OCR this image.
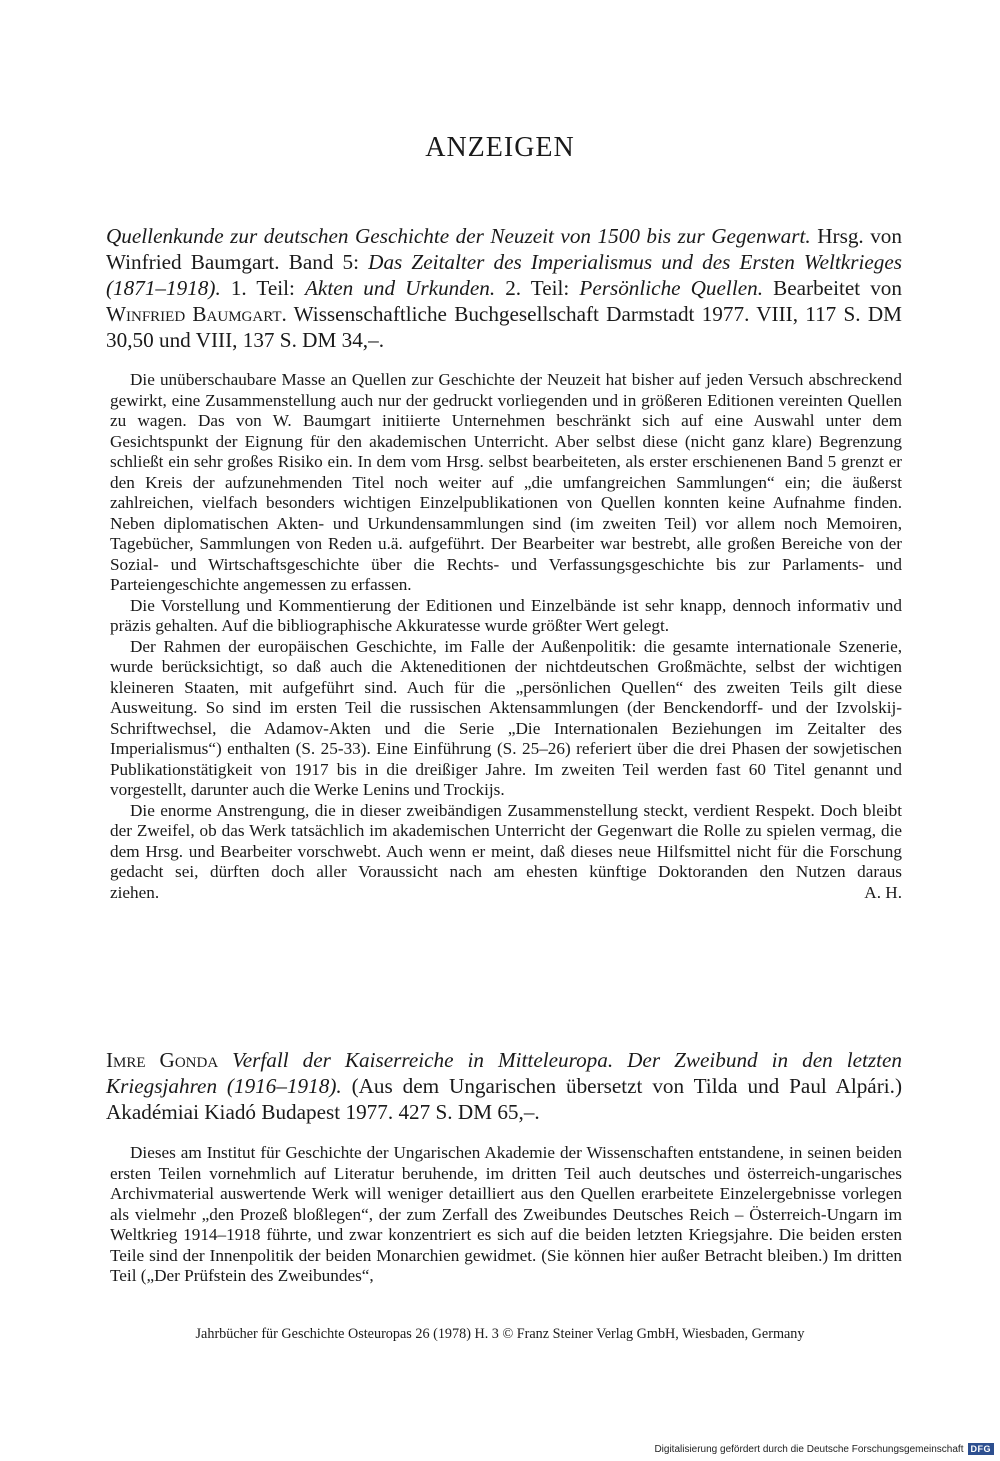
ANZEIGEN
Quellenkunde zur deutschen Geschichte der Neuzeit von 1500 bis zur Gegenwart. Hrsg. von Winfried Baumgart. Band 5: Das Zeitalter des Imperialismus und des Ersten Weltkrieges (1871–1918). 1. Teil: Akten und Urkunden. 2. Teil: Persönliche Quellen. Bearbeitet von Winfried Baumgart. Wissenschaftliche Buchgesellschaft Darmstadt 1977. VIII, 117 S. DM 30,50 und VIII, 137 S. DM 34,–.

Die unüberschaubare Masse an Quellen zur Geschichte der Neuzeit hat bisher auf jeden Versuch abschreckend gewirkt, eine Zusammenstellung auch nur der gedruckt vorliegenden und in größeren Editionen vereinten Quellen zu wagen. Das von W. Baumgart initiierte Unternehmen beschränkt sich auf eine Auswahl unter dem Gesichtspunkt der Eignung für den akademischen Unterricht. Aber selbst diese (nicht ganz klare) Begrenzung schließt ein sehr großes Risiko ein. In dem vom Hrsg. selbst bearbeiteten, als erster erschienenen Band 5 grenzt er den Kreis der aufzunehmenden Titel noch weiter auf „die umfangreichen Sammlungen“ ein; die äußerst zahlreichen, vielfach besonders wichtigen Einzelpublikationen von Quellen konnten keine Aufnahme finden. Neben diplomatischen Akten- und Urkundensammlungen sind (im zweiten Teil) vor allem noch Memoiren, Tagebücher, Sammlungen von Reden u.ä. aufgeführt. Der Bearbeiter war bestrebt, alle großen Bereiche von der Sozial- und Wirtschaftsgeschichte über die Rechts- und Verfassungsgeschichte bis zur Parlaments- und Parteiengeschichte angemessen zu erfassen.

Die Vorstellung und Kommentierung der Editionen und Einzelbände ist sehr knapp, dennoch informativ und präzis gehalten. Auf die bibliographische Akkuratesse wurde größter Wert gelegt.

Der Rahmen der europäischen Geschichte, im Falle der Außenpolitik: die gesamte internationale Szenerie, wurde berücksichtigt, so daß auch die Akteneditionen der nichtdeutschen Großmächte, selbst der wichtigen kleineren Staaten, mit aufgeführt sind. Auch für die „persönlichen Quellen“ des zweiten Teils gilt diese Ausweitung. So sind im ersten Teil die russischen Aktensammlungen (der Benckendorff- und der Izvolskij-Schriftwechsel, die Adamov-Akten und die Serie „Die Internationalen Beziehungen im Zeitalter des Imperialismus“) enthalten (S. 25-33). Eine Einführung (S. 25–26) referiert über die drei Phasen der sowjetischen Publikationstätigkeit von 1917 bis in die dreißiger Jahre. Im zweiten Teil werden fast 60 Titel genannt und vorgestellt, darunter auch die Werke Lenins und Trockijs.

Die enorme Anstrengung, die in dieser zweibändigen Zusammenstellung steckt, verdient Respekt. Doch bleibt der Zweifel, ob das Werk tatsächlich im akademischen Unterricht der Gegenwart die Rolle zu spielen vermag, die dem Hrsg. und Bearbeiter vorschwebt. Auch wenn er meint, daß dieses neue Hilfsmittel nicht für die Forschung gedacht sei, dürften doch aller Voraussicht nach am ehesten künftige Doktoranden den Nutzen daraus
ziehen.	A. H.

Imre Gonda Verfall der Kaiserreiche in Mitteleuropa. Der Zweibund in den letzten Kriegsjahren (1916–1918). (Aus dem Ungarischen übersetzt von Tilda und Paul Alpári.) Akadémiai Kiadó Budapest 1977. 427 S. DM 65,–.

Dieses am Institut für Geschichte der Ungarischen Akademie der Wissenschaften entstandene, in seinen beiden ersten Teilen vornehmlich auf Literatur beruhende, im dritten Teil auch deutsches und österreich-ungarisches Archivmaterial auswertende Werk will weniger detailliert aus den Quellen erarbeitete Einzelergebnisse vorlegen als vielmehr „den Prozeß bloßlegen“, der zum Zerfall des Zweibundes Deutsches Reich – Österreich-Ungarn im Weltkrieg 1914–1918 führte, und zwar konzentriert es sich auf die beiden letzten Kriegsjahre. Die beiden ersten Teile sind der Innenpolitik der beiden Monarchien gewidmet. (Sie können hier außer Betracht bleiben.) Im dritten Teil („Der Prüfstein des Zweibundes“,

Jahrbücher für Geschichte Osteuropas 26 (1978) H. 3 © Franz Steiner Verlag GmbH, Wiesbaden, Germany
Digitalisierung gefördert durch die Deutsche Forschungsgemeinschaft DFG
